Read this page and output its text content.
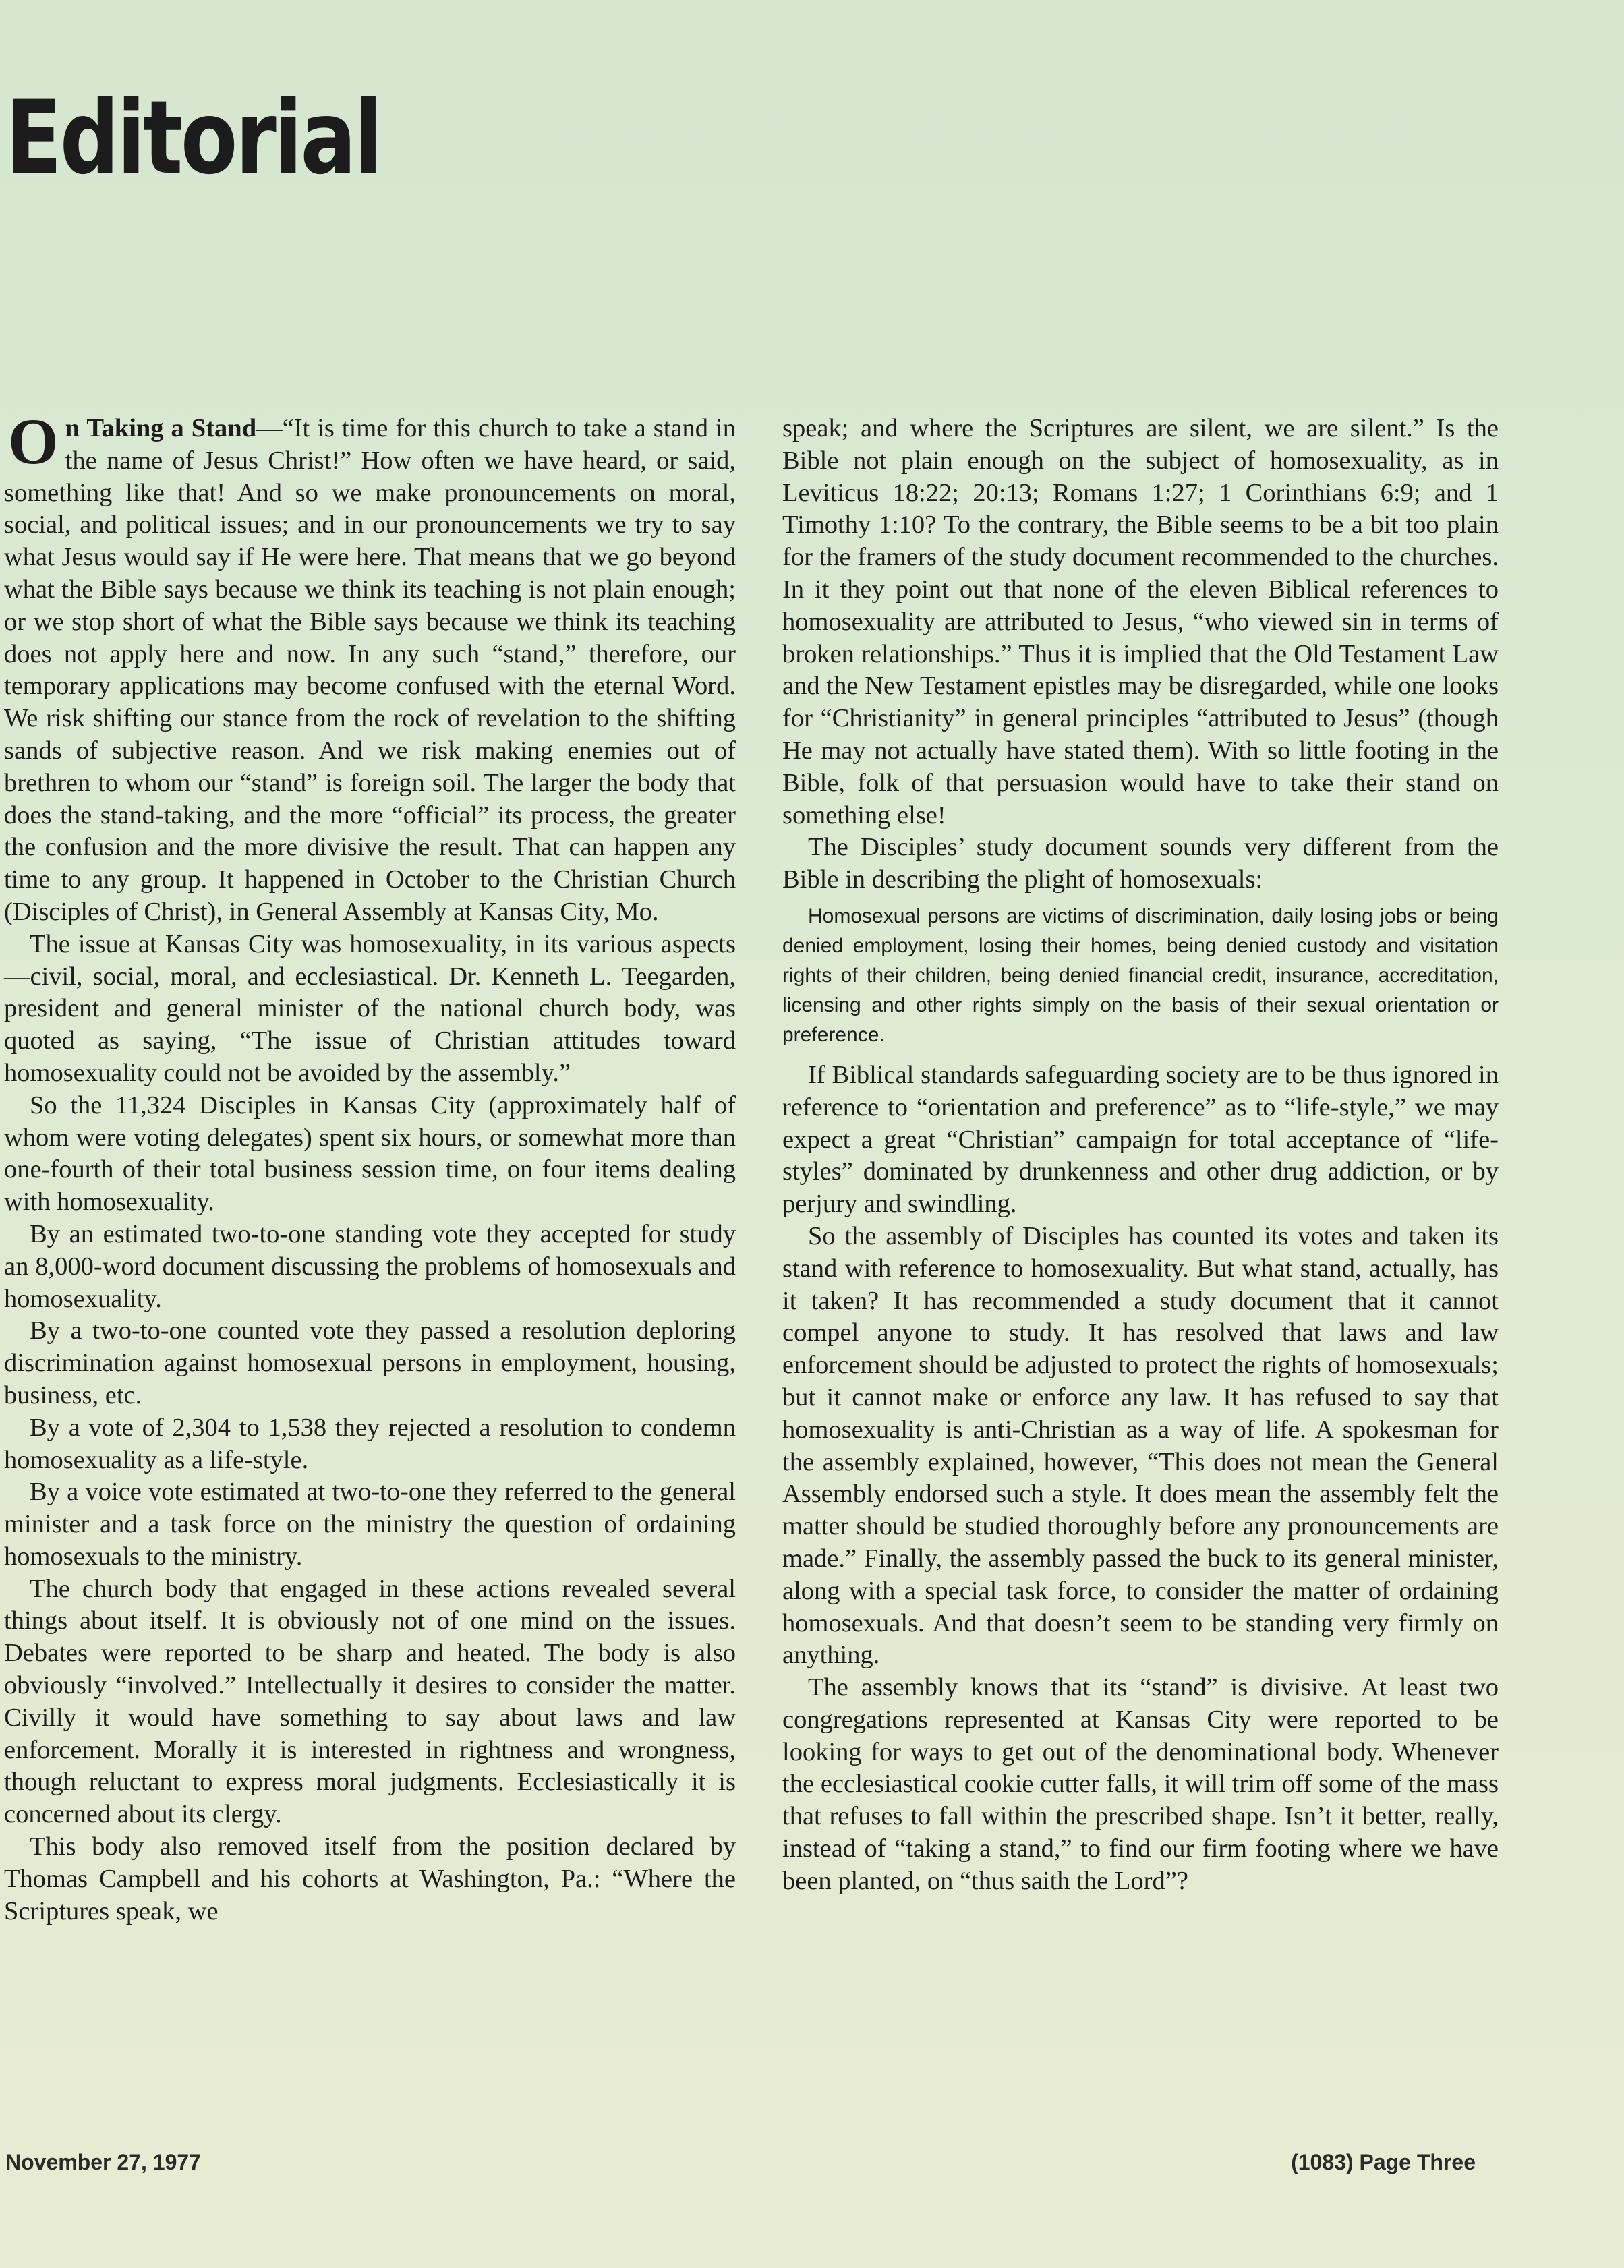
Editorial

On Taking a Stand—“It is time for this church to take a stand in the name of Jesus Christ!” How often we have heard, or said, something like that! And so we make pronouncements on moral, social, and political issues; and in our pronouncements we try to say what Jesus would say if He were here. That means that we go beyond what the Bible says because we think its teaching is not plain enough; or we stop short of what the Bible says because we think its teaching does not apply here and now. In any such “stand,” therefore, our temporary applications may become confused with the eternal Word. We risk shifting our stance from the rock of revelation to the shifting sands of subjective reason. And we risk making enemies out of brethren to whom our “stand” is foreign soil. The larger the body that does the stand-taking, and the more “official” its process, the greater the confusion and the more divisive the result. That can happen any time to any group. It happened in October to the Christian Church (Disciples of Christ), in General Assembly at Kansas City, Mo.

The issue at Kansas City was homosexuality, in its various aspects—civil, social, moral, and ecclesiastical. Dr. Kenneth L. Teegarden, president and general minister of the national church body, was quoted as saying, “The issue of Christian attitudes toward homosexuality could not be avoided by the assembly.”

So the 11,324 Disciples in Kansas City (approximately half of whom were voting delegates) spent six hours, or somewhat more than one-fourth of their total business session time, on four items dealing with homosexuality.

By an estimated two-to-one standing vote they accepted for study an 8,000-word document discussing the problems of homosexuals and homosexuality.

By a two-to-one counted vote they passed a resolution deploring discrimination against homosexual persons in employment, housing, business, etc.

By a vote of 2,304 to 1,538 they rejected a resolution to condemn homosexuality as a life-style.

By a voice vote estimated at two-to-one they referred to the general minister and a task force on the ministry the question of ordaining homosexuals to the ministry.

The church body that engaged in these actions revealed several things about itself. It is obviously not of one mind on the issues. Debates were reported to be sharp and heated. The body is also obviously “involved.” Intellectually it desires to consider the matter. Civilly it would have something to say about laws and law enforcement. Morally it is interested in rightness and wrongness, though reluctant to express moral judgments. Ecclesiastically it is concerned about its clergy.

This body also removed itself from the position declared by Thomas Campbell and his cohorts at Washington, Pa.: “Where the Scriptures speak, we

speak; and where the Scriptures are silent, we are silent.” Is the Bible not plain enough on the subject of homosexuality, as in Leviticus 18:22; 20:13; Romans 1:27; 1 Corinthians 6:9; and 1 Timothy 1:10? To the contrary, the Bible seems to be a bit too plain for the framers of the study document recommended to the churches. In it they point out that none of the eleven Biblical references to homosexuality are attributed to Jesus, “who viewed sin in terms of broken relationships.” Thus it is implied that the Old Testament Law and the New Testament epistles may be disregarded, while one looks for “Christianity” in general principles “attributed to Jesus” (though He may not actually have stated them). With so little footing in the Bible, folk of that persuasion would have to take their stand on something else!

The Disciples’ study document sounds very different from the Bible in describing the plight of homosexuals:

Homosexual persons are victims of discrimination, daily losing jobs or being denied employment, losing their homes, being denied custody and visitation rights of their children, being denied financial credit, insurance, accreditation, licensing and other rights simply on the basis of their sexual orientation or preference.

If Biblical standards safeguarding society are to be thus ignored in reference to “orientation and preference” as to “life-style,” we may expect a great “Christian” campaign for total acceptance of “life-styles” dominated by drunkenness and other drug addiction, or by perjury and swindling.

So the assembly of Disciples has counted its votes and taken its stand with reference to homosexuality. But what stand, actually, has it taken? It has recommended a study document that it cannot compel anyone to study. It has resolved that laws and law enforcement should be adjusted to protect the rights of homosexuals; but it cannot make or enforce any law. It has refused to say that homosexuality is anti-Christian as a way of life. A spokesman for the assembly explained, however, “This does not mean the General Assembly endorsed such a style. It does mean the assembly felt the matter should be studied thoroughly before any pronouncements are made.” Finally, the assembly passed the buck to its general minister, along with a special task force, to consider the matter of ordaining homosexuals. And that doesn’t seem to be standing very firmly on anything.

The assembly knows that its “stand” is divisive. At least two congregations represented at Kansas City were reported to be looking for ways to get out of the denominational body. Whenever the ecclesiastical cookie cutter falls, it will trim off some of the mass that refuses to fall within the prescribed shape. Isn’t it better, really, instead of “taking a stand,” to find our firm footing where we have been planted, on “thus saith the Lord”?

November 27, 1977	(1083) Page Three
